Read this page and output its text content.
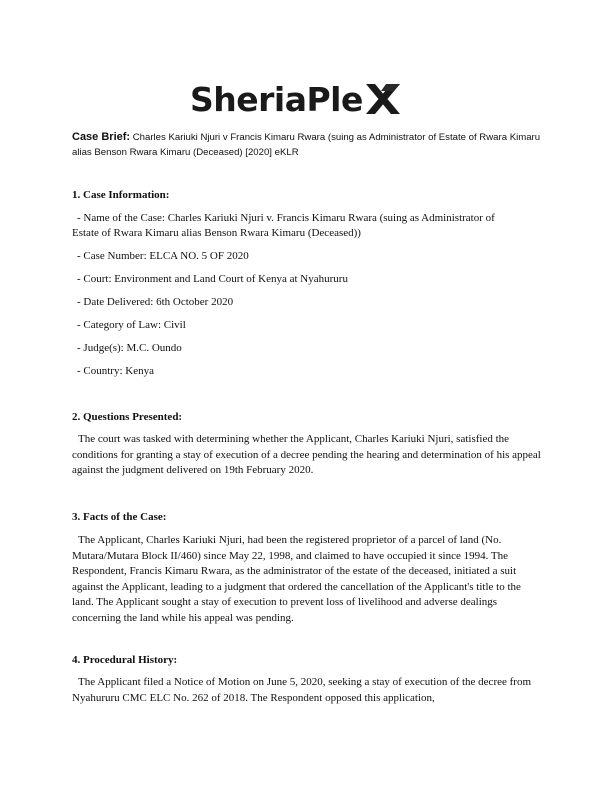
SheriaPle
Case Brief: Charles Kariuki Njuri v Francis Kimaru Rwara (suing as Administrator of Estate of Rwara Kimaru alias Benson Rwara Kimaru (Deceased) [2020] eKLR

1. Case Information:

- Name of the Case: Charles Kariuki Njuri v. Francis Kimaru Rwara (suing as Administrator of

Estate of Rwara Kimaru alias Benson Rwara Kimaru (Deceased))

- Case Number: ELCA NO. 5 OF 2020

- Court: Environment and Land Court of Kenya at Nyahururu

- Date Delivered: 6th October 2020

- Category of Law: Civil

- Judge(s): M.C. Oundo

- Country: Kenya

2. Questions Presented:

The court was tasked with determining whether the Applicant, Charles Kariuki Njuri, satisfied the conditions for granting a stay of execution of a decree pending the hearing and determination of his appeal against the judgment delivered on 19th February 2020.

3. Facts of the Case:

The Applicant, Charles Kariuki Njuri, had been the registered proprietor of a parcel of land (No. Mutara/Mutara Block II/460) since May 22, 1998, and claimed to have occupied it since 1994. The Respondent, Francis Kimaru Rwara, as the administrator of the estate of the deceased, initiated a suit against the Applicant, leading to a judgment that ordered the cancellation of the Applicant's title to the land. The Applicant sought a stay of execution to prevent loss of livelihood and adverse dealings concerning the land while his appeal was pending.

4. Procedural History:

The Applicant filed a Notice of Motion on June 5, 2020, seeking a stay of execution of the decree from Nyahururu CMC ELC No. 262 of 2018. The Respondent opposed this application,
